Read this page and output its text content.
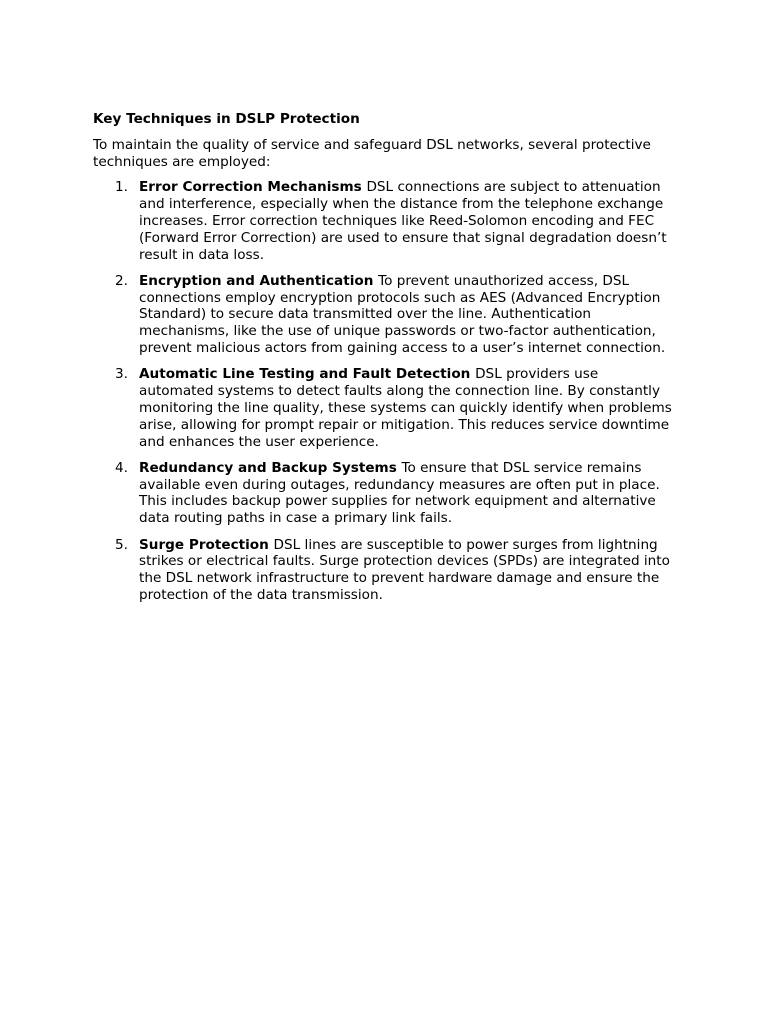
Key Techniques in DSLP Protection
To maintain the quality of service and safeguard DSL networks, several protective techniques are employed:
1. Error Correction Mechanisms DSL connections are subject to attenuation and interference, especially when the distance from the telephone exchange increases. Error correction techniques like Reed-Solomon encoding and FEC (Forward Error Correction) are used to ensure that signal degradation doesn’t result in data loss.
2. Encryption and Authentication To prevent unauthorized access, DSL connections employ encryption protocols such as AES (Advanced Encryption Standard) to secure data transmitted over the line. Authentication mechanisms, like the use of unique passwords or two-factor authentication, prevent malicious actors from gaining access to a user’s internet connection.
3. Automatic Line Testing and Fault Detection DSL providers use automated systems to detect faults along the connection line. By constantly monitoring the line quality, these systems can quickly identify when problems arise, allowing for prompt repair or mitigation. This reduces service downtime and enhances the user experience.
4. Redundancy and Backup Systems To ensure that DSL service remains available even during outages, redundancy measures are often put in place. This includes backup power supplies for network equipment and alternative data routing paths in case a primary link fails.
5. Surge Protection DSL lines are susceptible to power surges from lightning strikes or electrical faults. Surge protection devices (SPDs) are integrated into the DSL network infrastructure to prevent hardware damage and ensure the protection of the data transmission.
